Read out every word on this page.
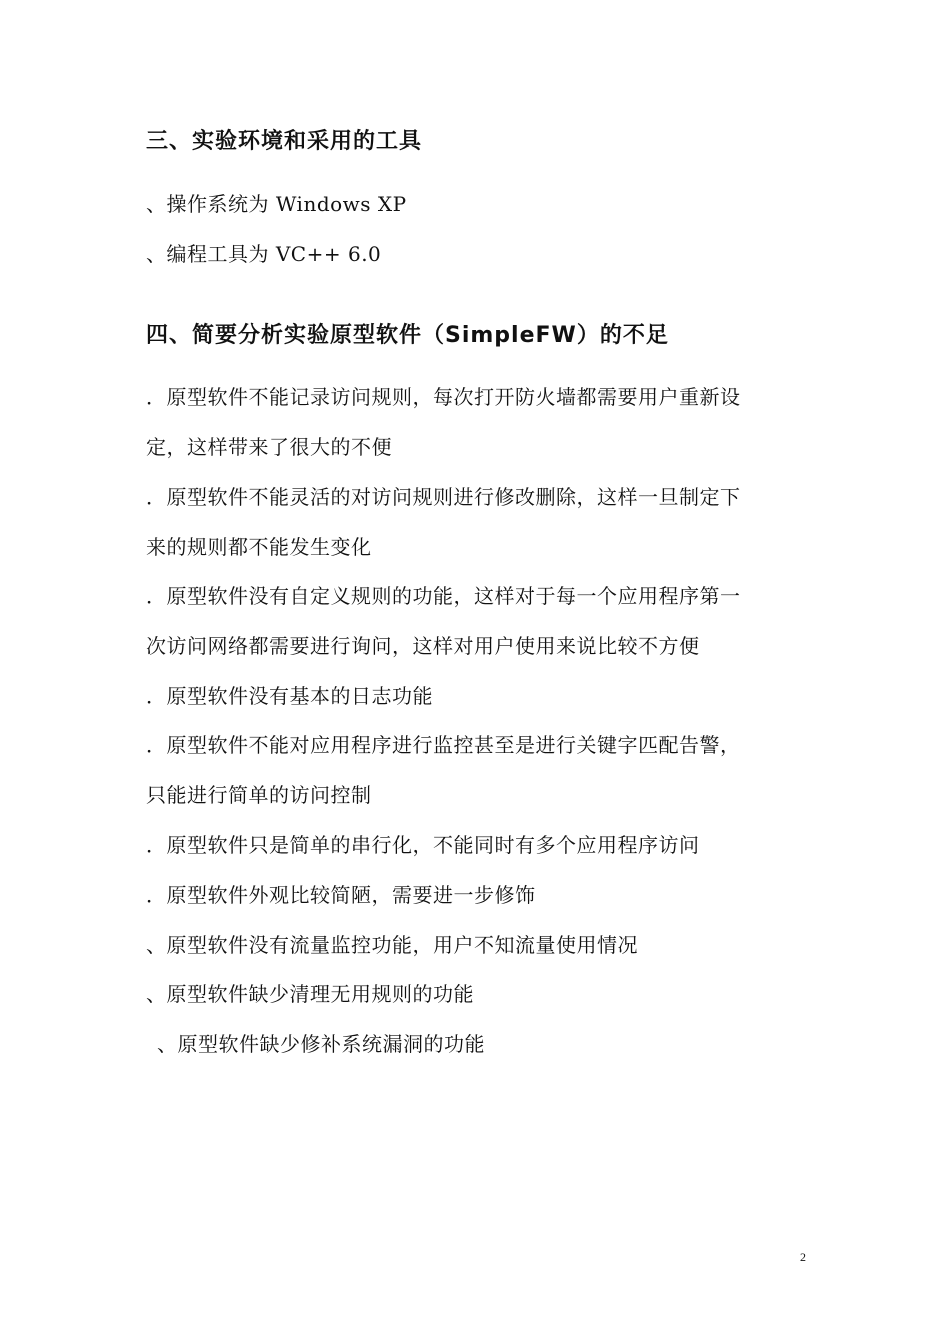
三、实验环境和采用的工具
、操作系统为 Windows XP
、编程工具为 VC++ 6.0
四、简要分析实验原型软件（SimpleFW）的不足
．原型软件不能记录访问规则，每次打开防火墙都需要用户重新设
定，这样带来了很大的不便
．原型软件不能灵活的对访问规则进行修改删除，这样一旦制定下
来的规则都不能发生变化
．原型软件没有自定义规则的功能，这样对于每一个应用程序第一
次访问网络都需要进行询问，这样对用户使用来说比较不方便
．原型软件没有基本的日志功能
．原型软件不能对应用程序进行监控甚至是进行关键字匹配告警，
只能进行简单的访问控制
．原型软件只是简单的串行化，不能同时有多个应用程序访问
．原型软件外观比较简陋，需要进一步修饰
、原型软件没有流量监控功能，用户不知流量使用情况
、原型软件缺少清理无用规则的功能
、原型软件缺少修补系统漏洞的功能
2
